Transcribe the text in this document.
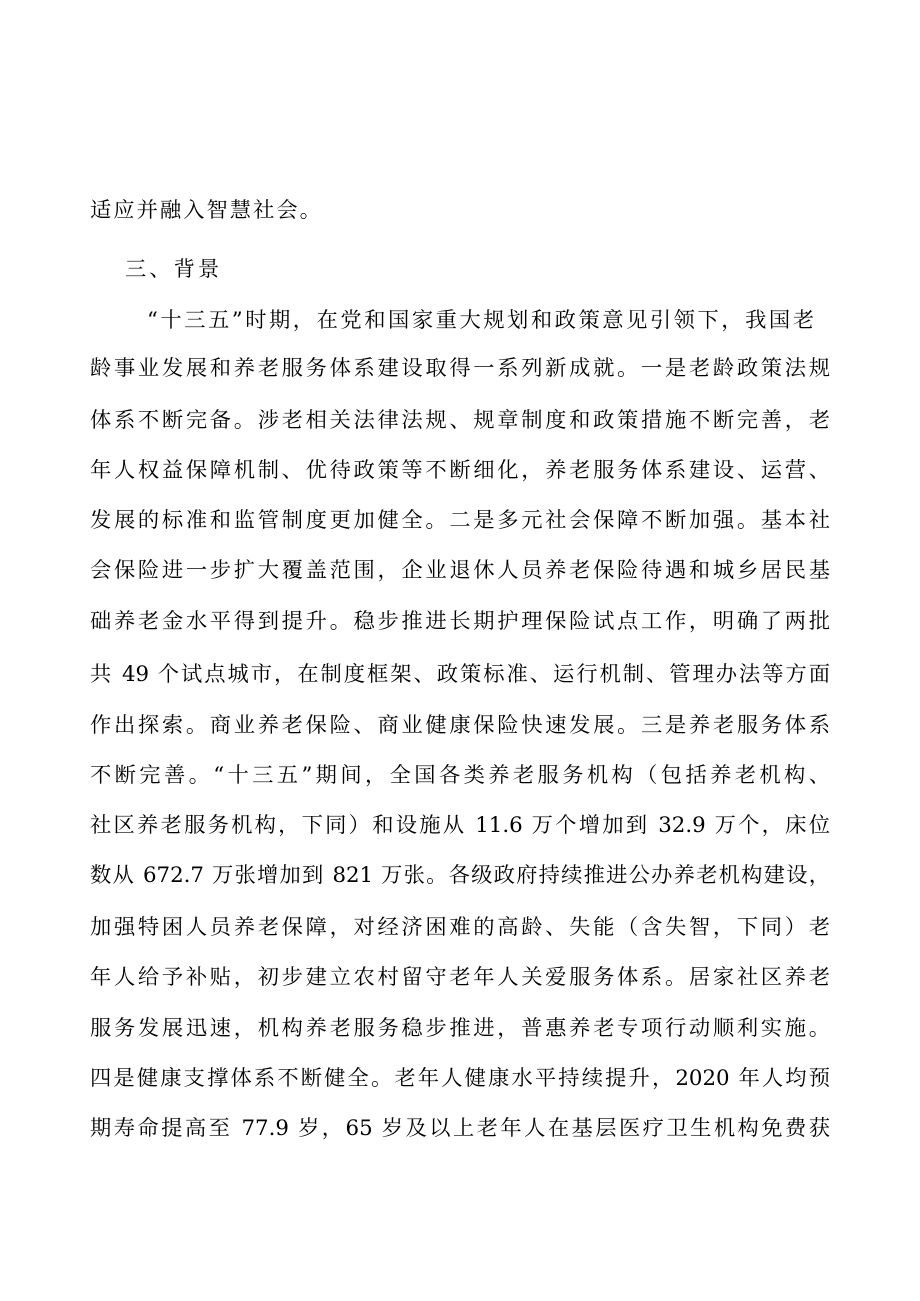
适应并融入智慧社会。
三、背景
“十三五”时期，在党和国家重大规划和政策意见引领下，我国老
龄事业发展和养老服务体系建设取得一系列新成就。一是老龄政策法规
体系不断完备。涉老相关法律法规、规章制度和政策措施不断完善，老
年人权益保障机制、优待政策等不断细化，养老服务体系建设、运营、
发展的标准和监管制度更加健全。二是多元社会保障不断加强。基本社
会保险进一步扩大覆盖范围，企业退休人员养老保险待遇和城乡居民基
础养老金水平得到提升。稳步推进长期护理保险试点工作，明确了两批
共 49 个试点城市，在制度框架、政策标准、运行机制、管理办法等方面
作出探索。商业养老保险、商业健康保险快速发展。三是养老服务体系
不断完善。“十三五”期间，全国各类养老服务机构（包括养老机构、
社区养老服务机构，下同）和设施从 11.6 万个增加到 32.9 万个，床位
数从 672.7 万张增加到 821 万张。各级政府持续推进公办养老机构建设，
加强特困人员养老保障，对经济困难的高龄、失能（含失智，下同）老
年人给予补贴，初步建立农村留守老年人关爱服务体系。居家社区养老
服务发展迅速，机构养老服务稳步推进，普惠养老专项行动顺利实施。
四是健康支撑体系不断健全。老年人健康水平持续提升，2020 年人均预
期寿命提高至 77.9 岁，65 岁及以上老年人在基层医疗卫生机构免费获
